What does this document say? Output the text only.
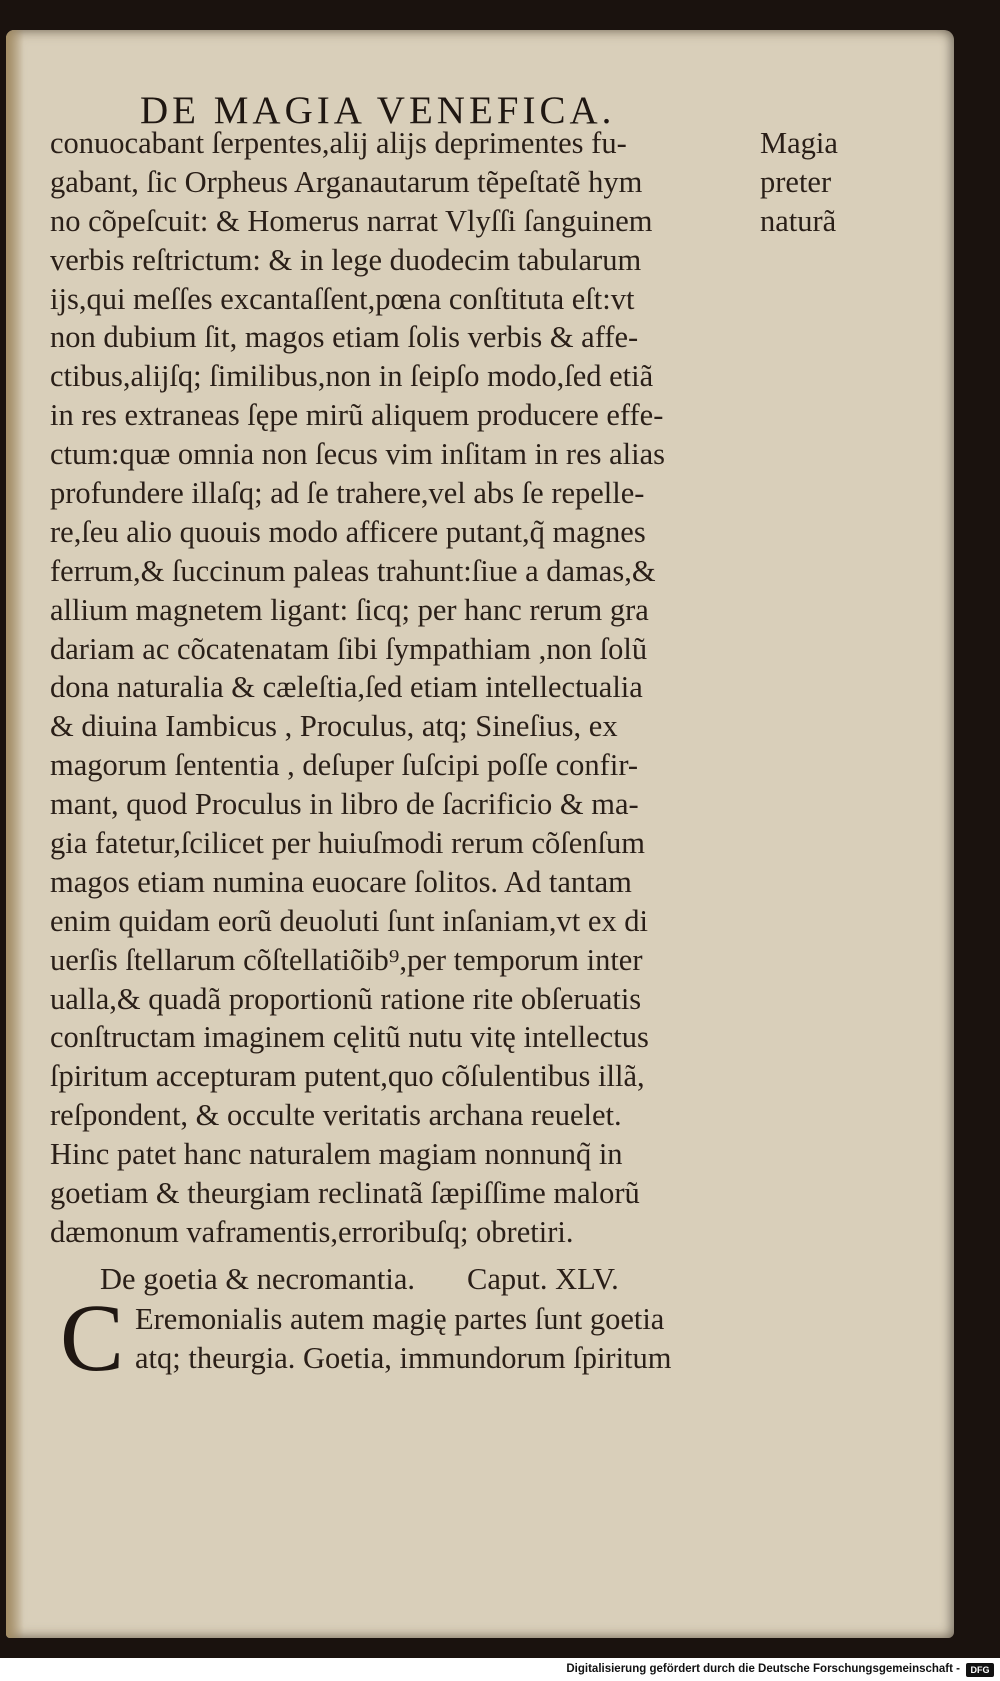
DE MAGIA VENEFICA.
conuocabant ſerpentes,alij alijs deprimentes fu-
gabant, ſic Orpheus Arganautarum tẽpeſtatẽ hym
no cõpeſcuit: & Homerus narrat Vlyſſi ſanguinem
verbis reſtrictum: & in lege duodecim tabularum
ijs,qui meſſes excantaſſent,pœna conſtituta eſt:vt
non dubium ſit, magos etiam ſolis verbis & affe-
ctibus,alijſq; ſimilibus,non in ſeipſo modo,ſed etiã
in res extraneas ſępe mirũ aliquem producere effe-
ctum:quæ omnia non ſecus vim inſitam in res alias
profundere illaſq; ad ſe trahere,vel abs ſe repelle-
re,ſeu alio quouis modo afficere putant,q̃ magnes
ferrum,& ſuccinum paleas trahunt:ſiue a damas,&
allium magnetem ligant: ſicq; per hanc rerum gra
dariam ac cõcatenatam ſibi ſympathiam ,non ſolũ
dona naturalia & cæleſtia,ſed etiam intellectualia
& diuina Iambicus , Proculus, atq; Sineſius, ex
magorum ſententia , deſuper ſuſcipi poſſe confir-
mant, quod Proculus in libro de ſacrificio & ma-
gia fatetur,ſcilicet per huiuſmodi rerum cõſenſum
magos etiam numina euocare ſolitos. Ad tantam
enim quidam eorũ deuoluti ſunt inſaniam,vt ex di
uerſis ſtellarum cõſtellatiõib⁹,per temporum inter
ualla,& quadã proportionũ ratione rite obſeruatis
conſtructam imaginem cęlitũ nutu vitę intellectus
ſpiritum accepturam putent,quo cõſulentibus illã,
reſpondent, & occulte veritatis archana reuelet.
Hinc patet hanc naturalem magiam nonnunq̃ in
goetiam & theurgiam reclinatã ſæpiſſime malorũ
dæmonum vaframentis,erroribuſq; obretiri.
Magia
preter
naturã
De goetia & necromantia. Caput. XLV.
C Eremonialis autem magię partes ſunt goetia
atq; theurgia. Goetia, immundorum ſpiritum
Digitalisierung gefördert durch die Deutsche Forschungsgemeinschaft -	DFG
